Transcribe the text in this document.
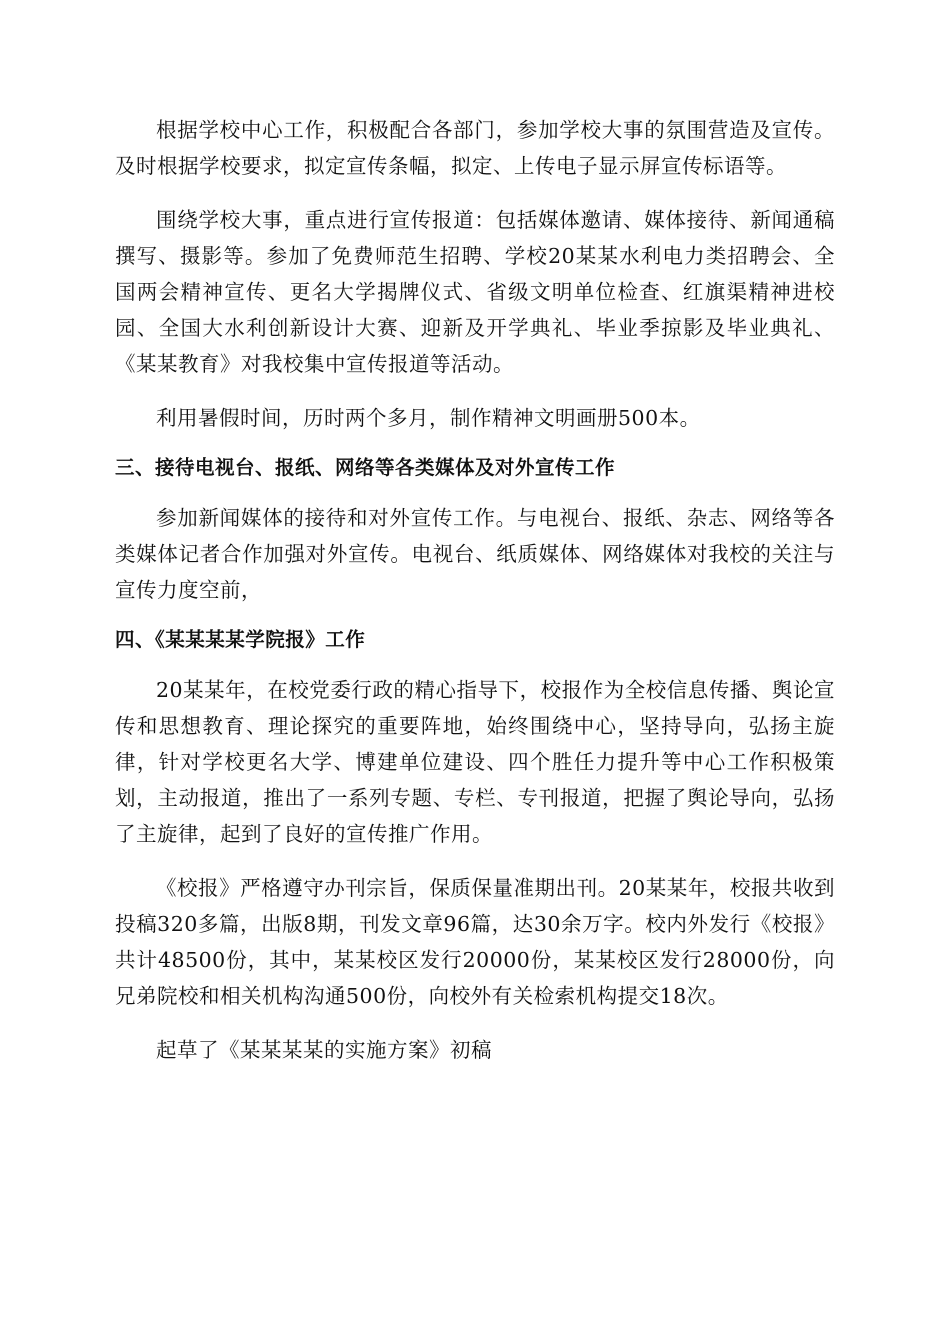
根据学校中心工作，积极配合各部门，参加学校大事的氛围营造及宣传。及时根据学校要求，拟定宣传条幅，拟定、上传电子显示屏宣传标语等。

围绕学校大事，重点进行宣传报道：包括媒体邀请、媒体接待、新闻通稿撰写、摄影等。参加了免费师范生招聘、学校20某某水利电力类招聘会、全国两会精神宣传、更名大学揭牌仪式、省级文明单位检查、红旗渠精神进校园、全国大水利创新设计大赛、迎新及开学典礼、毕业季掠影及毕业典礼、《某某教育》对我校集中宣传报道等活动。

利用暑假时间，历时两个多月，制作精神文明画册500本。

三、接待电视台、报纸、网络等各类媒体及对外宣传工作

参加新闻媒体的接待和对外宣传工作。与电视台、报纸、杂志、网络等各类媒体记者合作加强对外宣传。电视台、纸质媒体、网络媒体对我校的关注与宣传力度空前，

四、《某某某某学院报》工作

20某某年，在校党委行政的精心指导下，校报作为全校信息传播、舆论宣传和思想教育、理论探究的重要阵地，始终围绕中心，坚持导向，弘扬主旋律，针对学校更名大学、博建单位建设、四个胜任力提升等中心工作积极策划，主动报道，推出了一系列专题、专栏、专刊报道，把握了舆论导向，弘扬了主旋律，起到了良好的宣传推广作用。

《校报》严格遵守办刊宗旨，保质保量准期出刊。20某某年，校报共收到投稿320多篇，出版8期，刊发文章96篇，达30余万字。校内外发行《校报》共计48500份，其中，某某校区发行20000份，某某校区发行28000份，向兄弟院校和相关机构沟通500份，向校外有关检索机构提交18次。

起草了《某某某某的实施方案》初稿
